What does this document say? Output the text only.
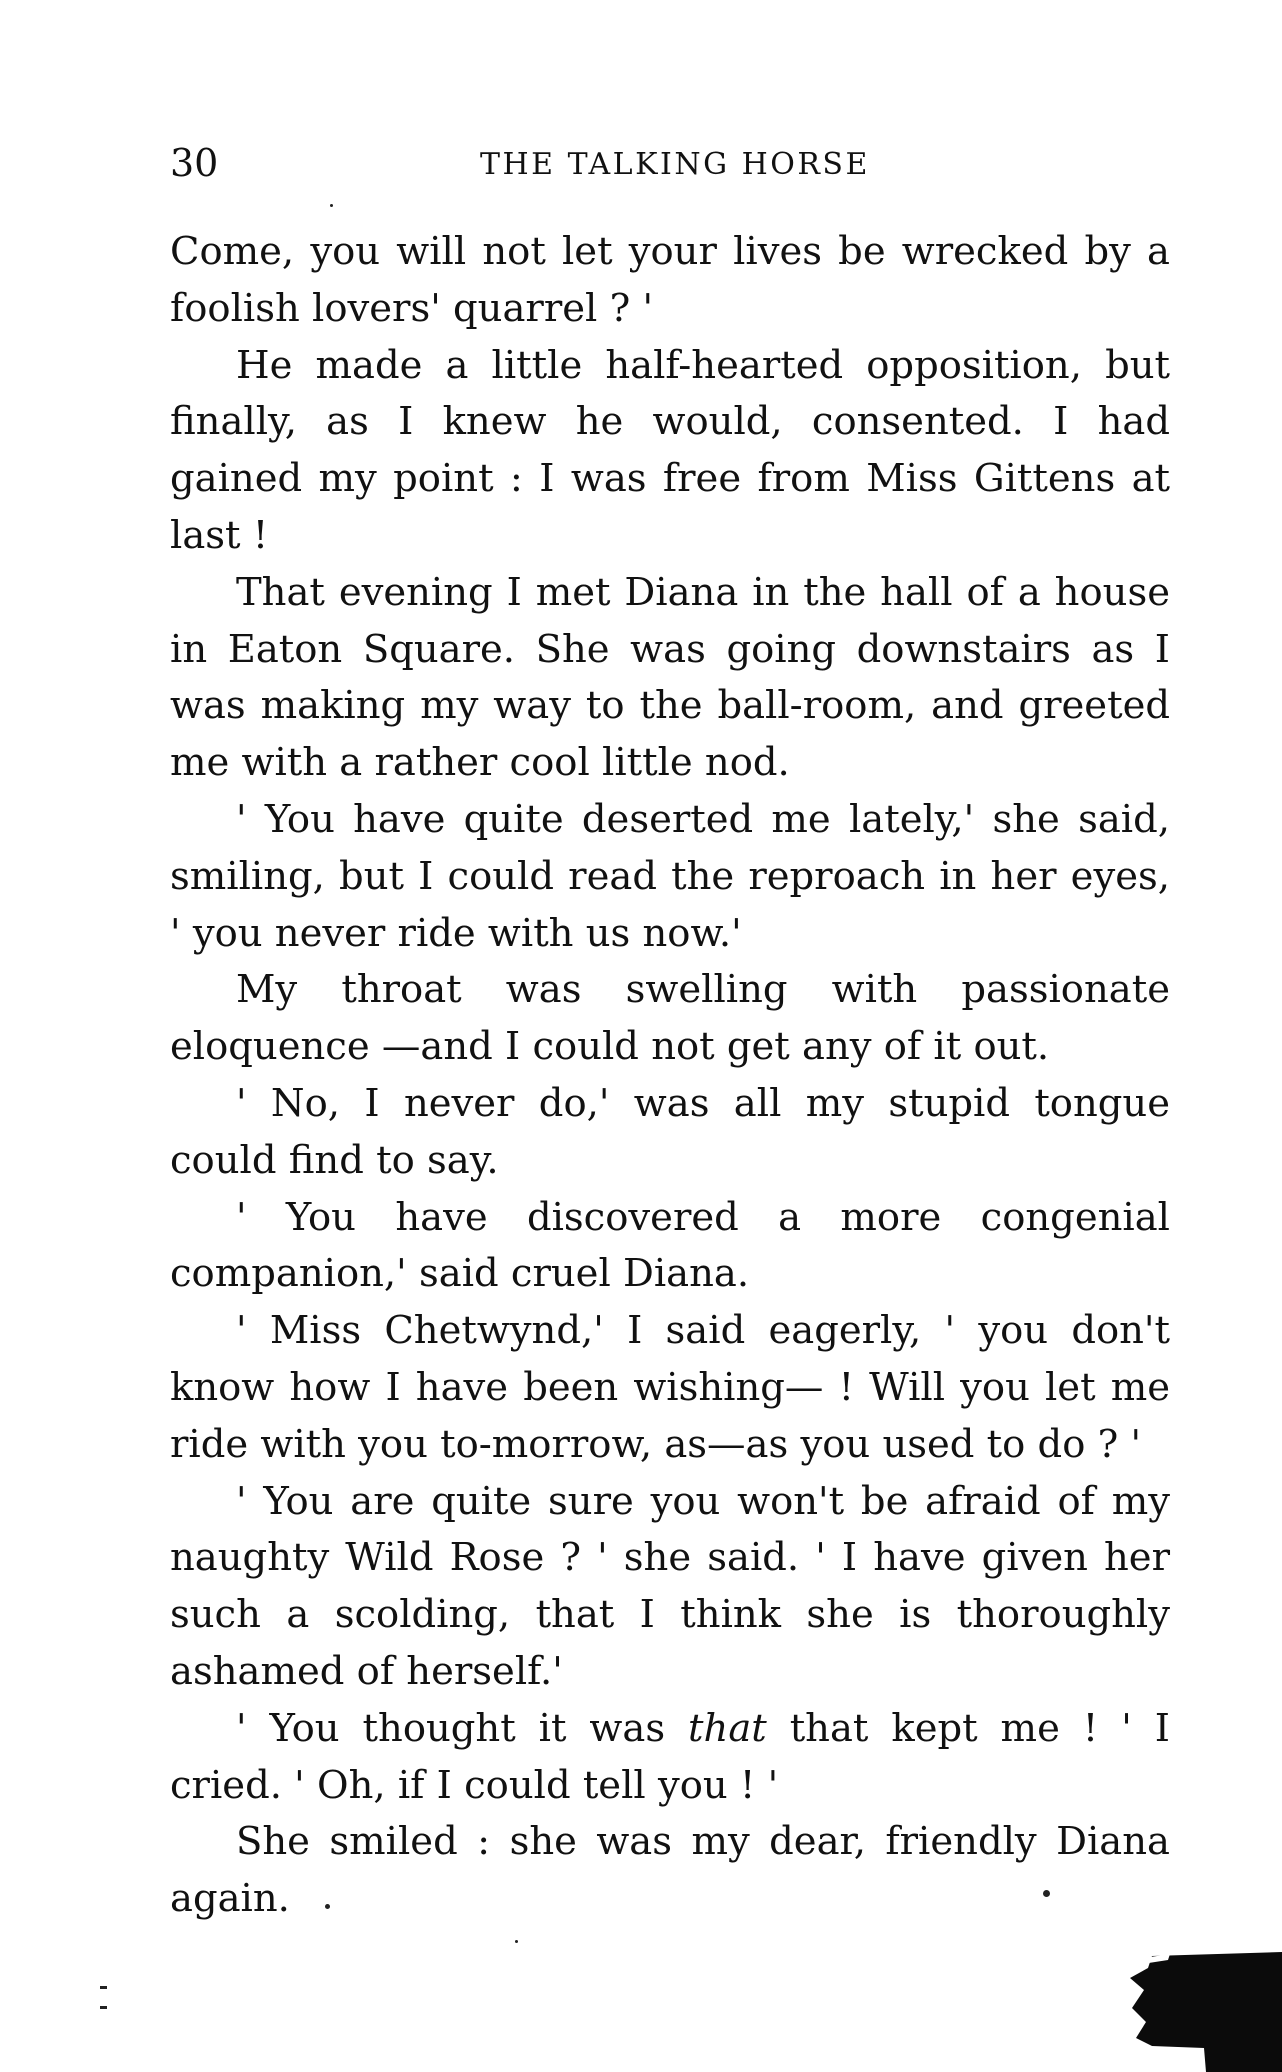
30	THE TALKING HORSE

Come, you will not let your lives be wrecked by a foolish lovers' quarrel ? '

He made a little half-hearted opposition, but finally, as I knew he would, consented. I had gained my point : I was free from Miss Gittens at last !

That evening I met Diana in the hall of a house in Eaton Square. She was going downstairs as I was making my way to the ball-room, and greeted me with a rather cool little nod.

' You have quite deserted me lately,' she said, smiling, but I could read the reproach in her eyes, ' you never ride with us now.'

My throat was swelling with passionate eloquence —and I could not get any of it out.

' No, I never do,' was all my stupid tongue could find to say.

' You have discovered a more congenial companion,' said cruel Diana.

' Miss Chetwynd,' I said eagerly, ' you don't know how I have been wishing— ! Will you let me ride with you to-morrow, as—as you used to do ? '

' You are quite sure you won't be afraid of my naughty Wild Rose ? ' she said. ' I have given her such a scolding, that I think she is thoroughly ashamed of herself.'

' You thought it was that that kept me ! ' I cried. ' Oh, if I could tell you ! '

She smiled : she was my dear, friendly Diana again.
